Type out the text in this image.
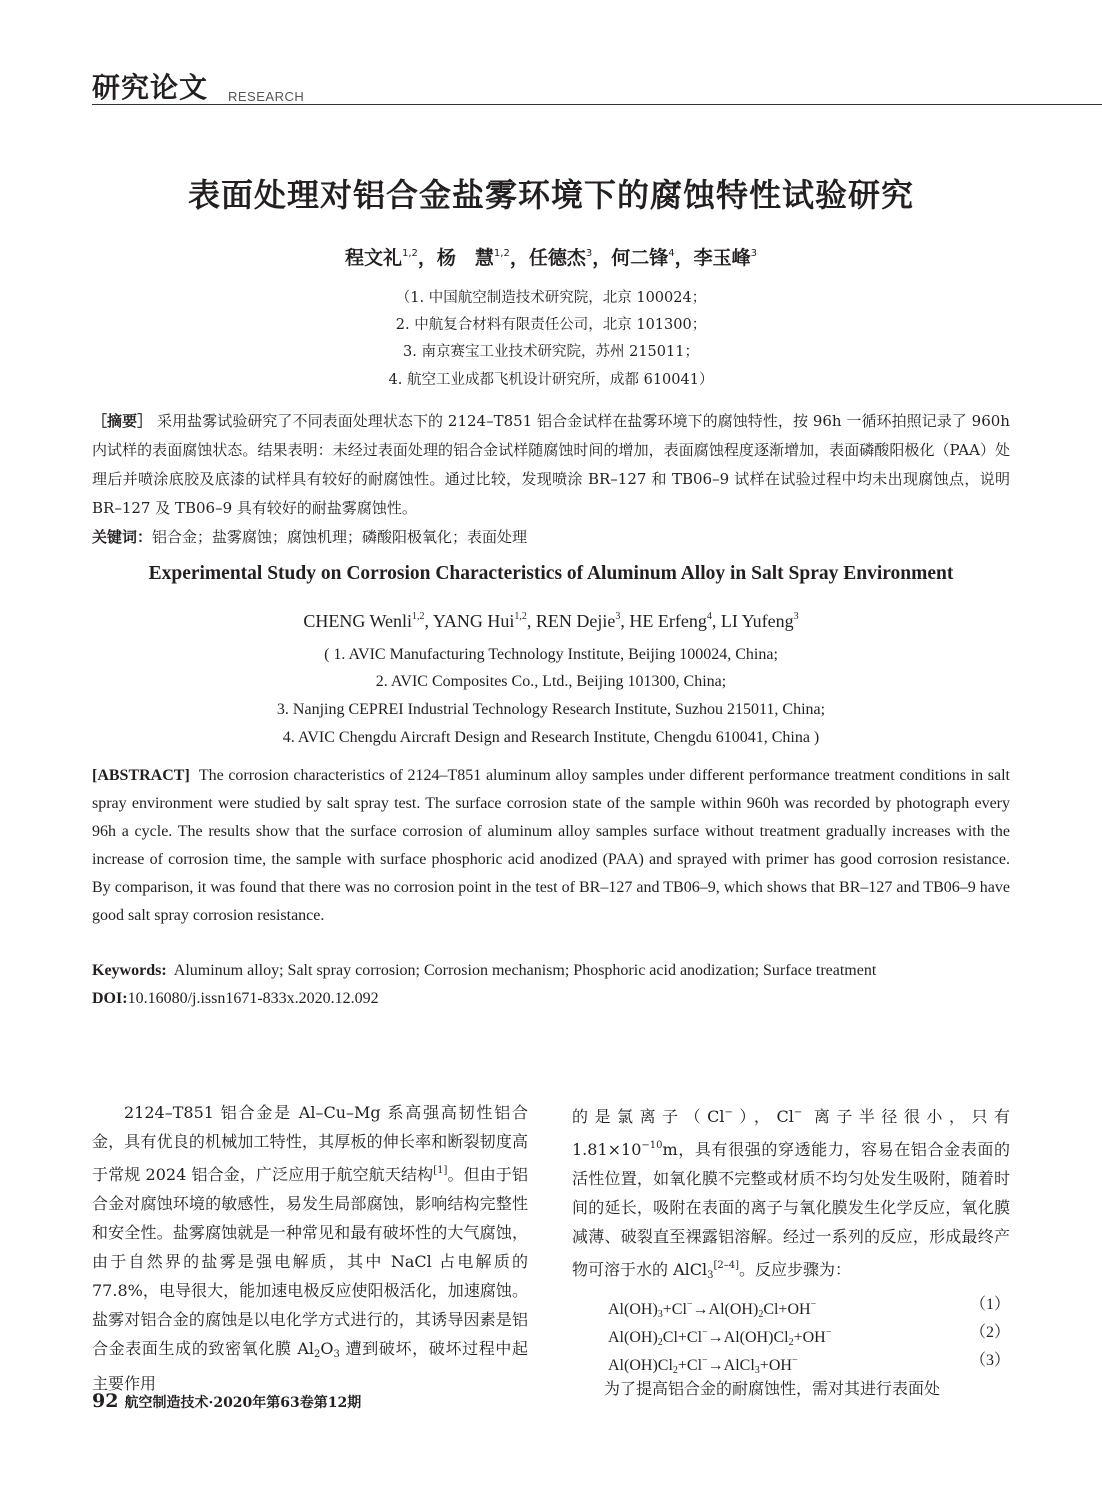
研究论文 RESEARCH
表面处理对铝合金盐雾环境下的腐蚀特性试验研究
程文礼$^{1,2}$，杨　慧$^{1,2}$，任德杰$^3$，何二锋$^4$，李玉峰$^3$
（1. 中国航空制造技术研究院，北京 100024；
2. 中航复合材料有限责任公司，北京 101300；
3. 南京赛宝工业技术研究院，苏州 215011；
4. 航空工业成都飞机设计研究所，成都 610041）
［摘要］ 采用盐雾试验研究了不同表面处理状态下的 2124–T851 铝合金试样在盐雾环境下的腐蚀特性，按 96h 一循环拍照记录了 960h 内试样的表面腐蚀状态。结果表明：未经过表面处理的铝合金试样随腐蚀时间的增加，表面腐蚀程度逐渐增加，表面磷酸阳极化（PAA）处理后并喷涂底胶及底漆的试样具有较好的耐腐蚀性。通过比较，发现喷涂 BR–127 和 TB06–9 试样在试验过程中均未出现腐蚀点，说明 BR–127 及 TB06–9 具有较好的耐盐雾腐蚀性。
关键词：铝合金；盐雾腐蚀；腐蚀机理；磷酸阳极氧化；表面处理
Experimental Study on Corrosion Characteristics of Aluminum Alloy in Salt Spray Environment
CHENG Wenli$^{1,2}$, YANG Hui$^{1,2}$, REN Dejie$^3$, HE Erfeng$^4$, LI Yufeng$^3$
( 1. AVIC Manufacturing Technology Institute, Beijing 100024, China;
2. AVIC Composites Co., Ltd., Beijing 101300, China;
3. Nanjing CEPREI Industrial Technology Research Institute, Suzhou 215011, China;
4. AVIC Chengdu Aircraft Design and Research Institute, Chengdu 610041, China )
[ABSTRACT] The corrosion characteristics of 2124–T851 aluminum alloy samples under different performance treatment conditions in salt spray environment were studied by salt spray test. The surface corrosion state of the sample within 960h was recorded by photograph every 96h a cycle. The results show that the surface corrosion of aluminum alloy samples surface without treatment gradually increases with the increase of corrosion time, the sample with surface phosphoric acid anodized (PAA) and sprayed with primer has good corrosion resistance. By comparison, it was found that there was no corrosion point in the test of BR–127 and TB06–9, which shows that BR–127 and TB06–9 have good salt spray corrosion resistance.
Keywords: Aluminum alloy; Salt spray corrosion; Corrosion mechanism; Phosphoric acid anodization; Surface treatment
DOI:10.16080/j.issn1671-833x.2020.12.092

2124–T851 铝合金是 Al–Cu–Mg 系高强高韧性铝合金，具有优良的机械加工特性，其厚板的伸长率和断裂韧度高于常规 2024 铝合金，广泛应用于航空航天结构[1]。但由于铝合金对腐蚀环境的敏感性，易发生局部腐蚀，影响结构完整性和安全性。盐雾腐蚀就是一种常见和最有破坏性的大气腐蚀，由于自然界的盐雾是强电解质，其中 NaCl 占电解质的 77.8%，电导很大，能加速电极反应使阳极活化，加速腐蚀。盐雾对铝合金的腐蚀是以电化学方式进行的，其诱导因素是铝合金表面生成的致密氧化膜 $Al_2O_3$ 遭到破坏，破坏过程中起主要作用

的是氯离子（Cl−），Cl− 离子半径很小，只有 $1.81\times 10^{-10}m$，具有很强的穿透能力，容易在铝合金表面的活性位置，如氧化膜不完整或材质不均匀处发生吸附，随着时间的延长，吸附在表面的离子与氧化膜发生化学反应，氧化膜减薄、破裂直至裸露铝溶解。经过一系列的反应，形成最终产物可溶于水的 AlCl$_3$[2–4]。反应步骤为：

$Al(OH)_3+Cl^-\to Al(OH)_2Cl+OH^-$	（1）
$Al(OH)_2Cl+Cl^-\to Al(OH)Cl_2+OH^-$	（2）
$Al(OH)Cl_2+Cl^-\to AlCl_3+OH^-$	（3）

为了提高铝合金的耐腐蚀性，需对其进行表面处

92 航空制造技术·2020年第63卷第12期
